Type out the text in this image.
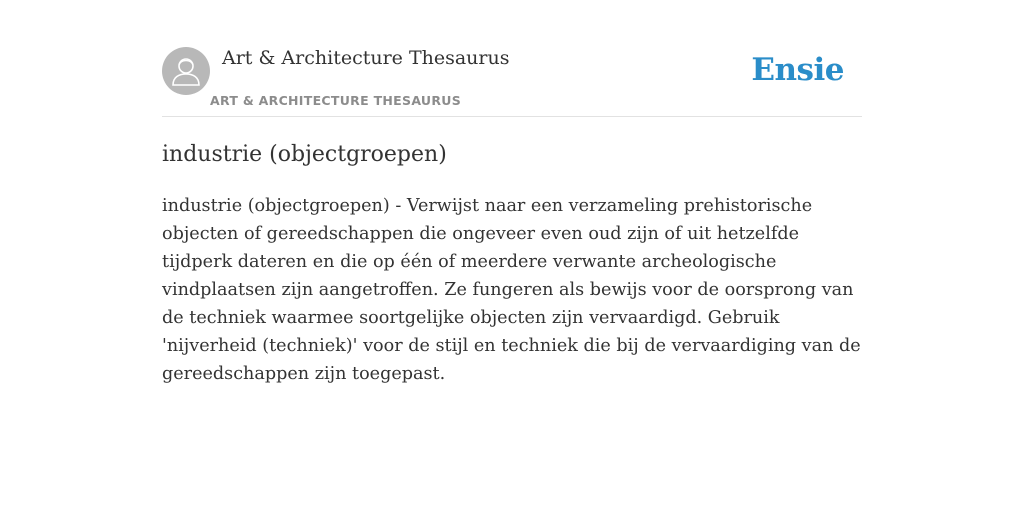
Art & Architecture Thesaurus
ART & ARCHITECTURE THESAURUS
Ensie
industrie (objectgroepen)

industrie (objectgroepen) - Verwijst naar een verzameling prehistorische objecten of gereedschappen die ongeveer even oud zijn of uit hetzelfde tijdperk dateren en die op één of meerdere verwante archeologische vindplaatsen zijn aangetroffen. Ze fungeren als bewijs voor de oorsprong van de techniek waarmee soortgelijke objecten zijn vervaardigd. Gebruik 'nijverheid (techniek)' voor de stijl en techniek die bij de vervaardiging van de gereedschappen zijn toegepast.
